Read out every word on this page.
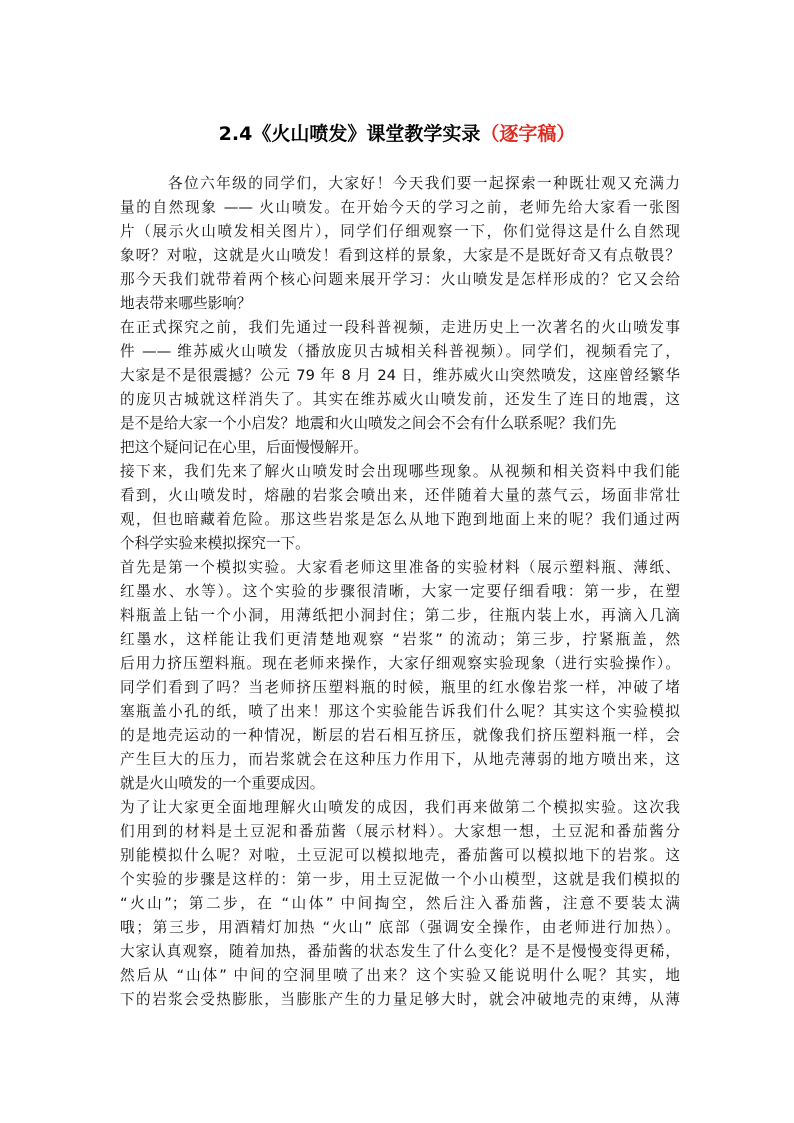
2.4《火山喷发》课堂教学实录（逐字稿）
各位六年级的同学们，大家好！今天我们要一起探索一种既壮观又充满力
量的自然现象 —— 火山喷发。在开始今天的学习之前，老师先给大家看一张图
片（展示火山喷发相关图片），同学们仔细观察一下，你们觉得这是什么自然现
象呀？对啦，这就是火山喷发！看到这样的景象，大家是不是既好奇又有点敬畏？
那今天我们就带着两个核心问题来展开学习：火山喷发是怎样形成的？它又会给
地表带来哪些影响？
在正式探究之前，我们先通过一段科普视频，走进历史上一次著名的火山喷发事
件 —— 维苏威火山喷发（播放庞贝古城相关科普视频）。同学们，视频看完了，
大家是不是很震撼？公元 79 年 8 月 24 日，维苏威火山突然喷发，这座曾经繁华
的庞贝古城就这样消失了。其实在维苏威火山喷发前，还发生了连日的地震，这
是不是给大家一个小启发？地震和火山喷发之间会不会有什么联系呢？我们先
把这个疑问记在心里，后面慢慢解开。
接下来，我们先来了解火山喷发时会出现哪些现象。从视频和相关资料中我们能
看到，火山喷发时，熔融的岩浆会喷出来，还伴随着大量的蒸气云，场面非常壮
观，但也暗藏着危险。那这些岩浆是怎么从地下跑到地面上来的呢？我们通过两
个科学实验来模拟探究一下。
首先是第一个模拟实验。大家看老师这里准备的实验材料（展示塑料瓶、薄纸、
红墨水、水等）。这个实验的步骤很清晰，大家一定要仔细看哦：第一步，在塑
料瓶盖上钻一个小洞，用薄纸把小洞封住；第二步，往瓶内装上水，再滴入几滴
红墨水，这样能让我们更清楚地观察 “岩浆” 的流动；第三步，拧紧瓶盖，然
后用力挤压塑料瓶。现在老师来操作，大家仔细观察实验现象（进行实验操作）。
同学们看到了吗？当老师挤压塑料瓶的时候，瓶里的红水像岩浆一样，冲破了堵
塞瓶盖小孔的纸，喷了出来！那这个实验能告诉我们什么呢？其实这个实验模拟
的是地壳运动的一种情况，断层的岩石相互挤压，就像我们挤压塑料瓶一样，会
产生巨大的压力，而岩浆就会在这种压力作用下，从地壳薄弱的地方喷出来，这
就是火山喷发的一个重要成因。
为了让大家更全面地理解火山喷发的成因，我们再来做第二个模拟实验。这次我
们用到的材料是土豆泥和番茄酱（展示材料）。大家想一想，土豆泥和番茄酱分
别能模拟什么呢？对啦，土豆泥可以模拟地壳，番茄酱可以模拟地下的岩浆。这
个实验的步骤是这样的：第一步，用土豆泥做一个小山模型，这就是我们模拟的
“火山”；第二步，在 “山体” 中间掏空，然后注入番茄酱，注意不要装太满
哦；第三步，用酒精灯加热 “火山” 底部（强调安全操作，由老师进行加热）。
大家认真观察，随着加热，番茄酱的状态发生了什么变化？是不是慢慢变得更稀，
然后从 “山体” 中间的空洞里喷了出来？这个实验又能说明什么呢？其实，地
下的岩浆会受热膨胀，当膨胀产生的力量足够大时，就会冲破地壳的束缚，从薄
